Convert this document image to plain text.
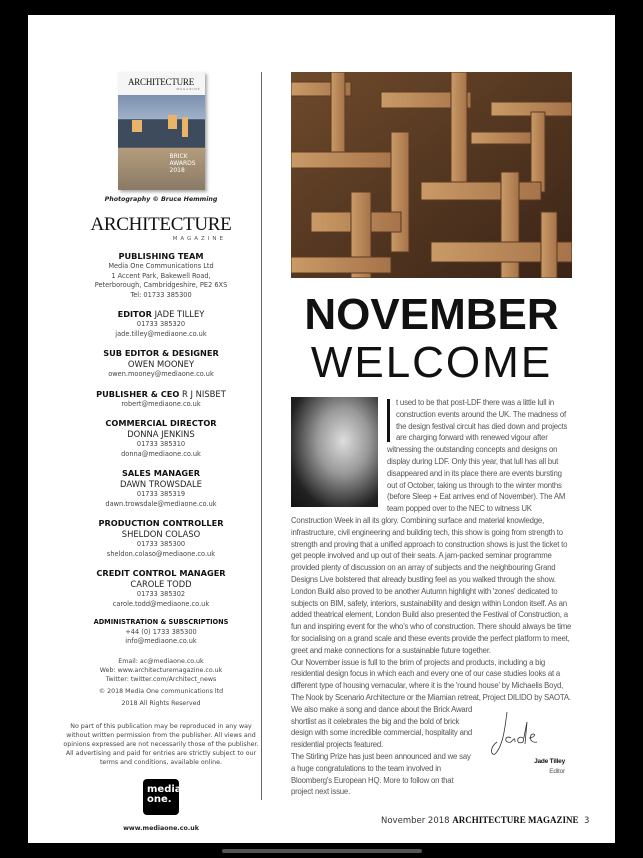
ARCHITECTURE
MAGAZINE
BRICK AWARDS 2018
Photography © Bruce Hemming
ARCHITECTURE
MAGAZINE
PUBLISHING TEAM
Media One Communications Ltd
1 Accent Park, Bakewell Road,
Peterborough, Cambridgeshire, PE2 6XS
Tel: 01733 385300
EDITOR JADE TILLEY
01733 385320
jade.tilley@mediaone.co.uk
SUB EDITOR & DESIGNER
OWEN MOONEY
owen.mooney@mediaone.co.uk
PUBLISHER & CEO R J NISBET
robert@mediaone.co.uk
COMMERCIAL DIRECTOR
DONNA JENKINS
01733 385310
donna@mediaone.co.uk
SALES MANAGER
DAWN TROWSDALE
01733 385319
dawn.trowsdale@mediaone.co.uk
PRODUCTION CONTROLLER
SHELDON COLASO
01733 385300
sheldon.colaso@mediaone.co.uk
CREDIT CONTROL MANAGER
CAROLE TODD
01733 385302
carole.todd@mediaone.co.uk
ADMINISTRATION & SUBSCRIPTIONS
+44 (0) 1733 385300
info@mediaone.co.uk
Email: ac@mediaone.co.uk
Web: www.architecturemagazine.co.uk
Twitter: twitter.com/Architect_news
© 2018 Media One communications ltd
2018 All Rights Reserved
No part of this publication may be reproduced in any way without written permission from the publisher. All views and opinions expressed are not necessarily those of the publisher. All advertising and paid for entries are strictly subject to our terms and conditions, available online.
media
one.
www.mediaone.co.uk
NOVEMBER
WELCOME

t used to be that post-LDF there was a little lull in construction events around the UK. The madness of the design festival circuit has died down and projects are charging forward with renewed vigour after witnessing the outstanding concepts and designs on display during LDF. Only this year, that lull has all but disappeared and in its place there are events bursting out of October, taking us through to the winter months (before Sleep + Eat arrives end of November). The AM team popped over to the NEC to witness UK Construction Week in all its glory. Combining surface and material knowledge, infrastructure, civil engineering and building tech, this show is going from strength to strength and proving that a unified approach to construction shows is just the ticket to get people involved and up out of their seats. A jam-packed seminar programme provided plenty of discussion on an array of subjects and the neighbouring Grand Designs Live bolstered that already bustling feel as you walked through the show. London Build also proved to be another Autumn highlight with 'zones' dedicated to subjects on BIM, safety, interiors, sustainability and design within London itself. As an added theatrical element, London Build also presented the Festival of Construction, a fun and inspiring event for the who's who of construction. There should always be time for socialising on a grand scale and these events provide the perfect platform to meet, greet and make connections for a sustainable future together.

Our November issue is full to the brim of projects and products, including a big residential design focus in which each and every one of our case studies looks at a different type of housing vernacular, where it is the 'round house' by Michaelis Boyd, The Nook by Scenario Architecture or the Miamian retreat, Project DILIDO by SAOTA.

Jade Tilley
Editor

We also make a song and dance about the Brick Award shortlist as it celebrates the big and the bold of brick design with some incredible commercial, hospitality and residential projects featured.

The Stirling Prize has just been announced and we say a huge congratulations to the team involved in Bloomberg's European HQ. More to follow on that project next issue.

November 2018 ARCHITECTURE MAGAZINE 3
